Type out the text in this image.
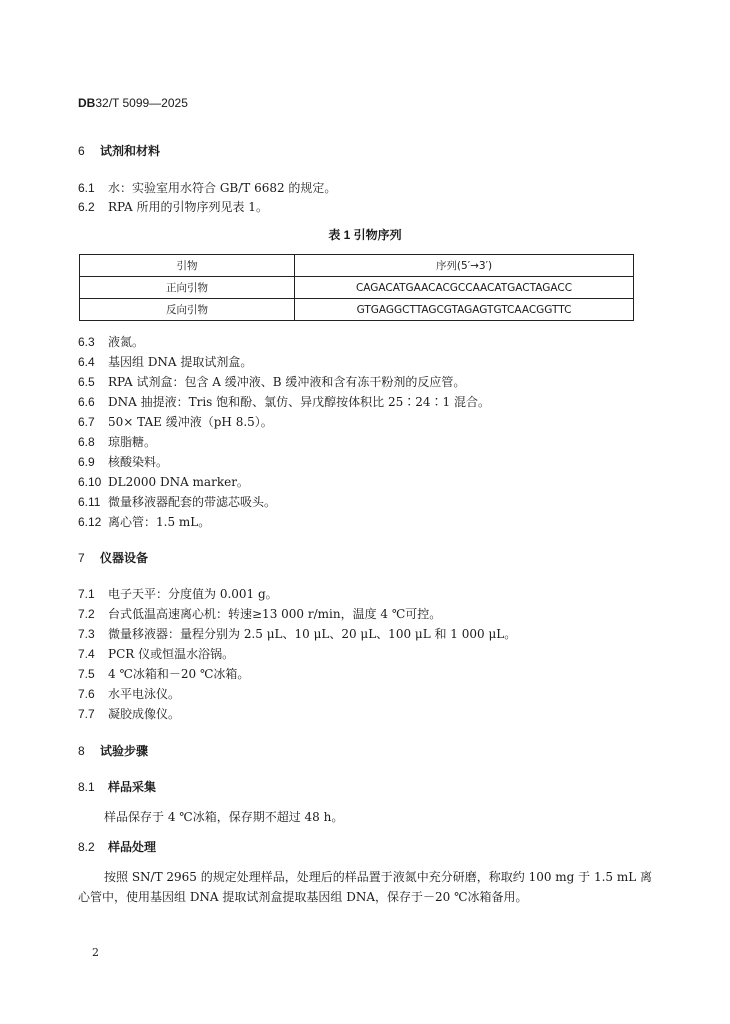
DB32/T 5099—2025
6 试剂和材料
6.1 水：实验室用水符合 GB/T 6682 的规定。
6.2 RPA 所用的引物序列见表 1。
表 1 引物序列
引物	序列(5′→3′)
正向引物	CAGACATGAACACGCCAACATGACTAGACC
反向引物	GTGAGGCTTAGCGTAGAGTGTCAACGGTTC
6.3 液氮。
6.4 基因组 DNA 提取试剂盒。
6.5 RPA 试剂盒：包含 A 缓冲液、B 缓冲液和含有冻干粉剂的反应管。
6.6 DNA 抽提液：Tris 饱和酚、氯仿、异戊醇按体积比 25∶24∶1 混合。
6.7 50× TAE 缓冲液（pH 8.5）。
6.8 琼脂糖。
6.9 核酸染料。
6.10 DL2000 DNA marker。
6.11 微量移液器配套的带滤芯吸头。
6.12 离心管：1.5 mL。
7 仪器设备
7.1 电子天平：分度值为 0.001 g。
7.2 台式低温高速离心机：转速≥13 000 r/min，温度 4 ℃可控。
7.3 微量移液器：量程分别为 2.5 μL、10 μL、20 μL、100 μL 和 1 000 μL。
7.4 PCR 仪或恒温水浴锅。
7.5 4 ℃冰箱和－20 ℃冰箱。
7.6 水平电泳仪。
7.7 凝胶成像仪。
8 试验步骤
8.1 样品采集
样品保存于 4 ℃冰箱，保存期不超过 48 h。
8.2 样品处理
按照 SN/T 2965 的规定处理样品，处理后的样品置于液氮中充分研磨，称取约 100 mg 于 1.5 mL 离
心管中，使用基因组 DNA 提取试剂盒提取基因组 DNA，保存于－20 ℃冰箱备用。
2
